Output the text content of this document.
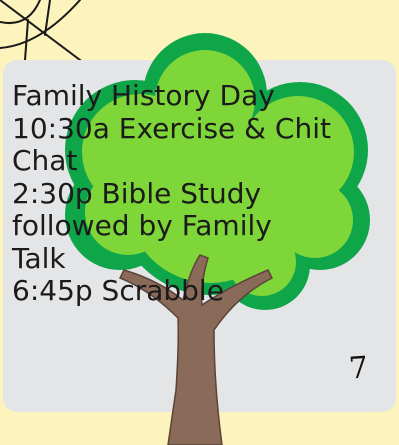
Family History Day
10:30a Exercise & Chit
Chat
2:30p Bible Study
followed by Family
Talk
6:45p Scrabble
7
